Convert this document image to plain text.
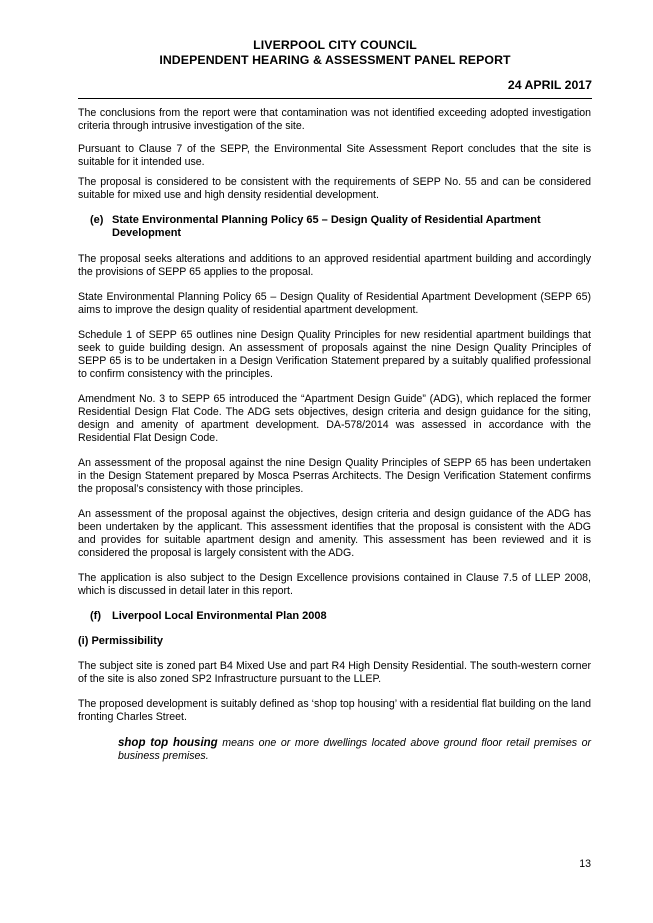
LIVERPOOL CITY COUNCIL
INDEPENDENT HEARING & ASSESSMENT PANEL REPORT
24 APRIL 2017

The conclusions from the report were that contamination was not identified exceeding adopted investigation criteria through intrusive investigation of the site.

Pursuant to Clause 7 of the SEPP, the Environmental Site Assessment Report concludes that the site is suitable for it intended use.

The proposal is considered to be consistent with the requirements of SEPP No. 55 and can be considered suitable for mixed use and high density residential development.

(e) State Environmental Planning Policy 65 – Design Quality of Residential Apartment Development

The proposal seeks alterations and additions to an approved residential apartment building and accordingly the provisions of SEPP 65 applies to the proposal.

State Environmental Planning Policy 65 – Design Quality of Residential Apartment Development (SEPP 65) aims to improve the design quality of residential apartment development.

Schedule 1 of SEPP 65 outlines nine Design Quality Principles for new residential apartment buildings that seek to guide building design. An assessment of proposals against the nine Design Quality Principles of SEPP 65 is to be undertaken in a Design Verification Statement prepared by a suitably qualified professional to confirm consistency with the principles.

Amendment No. 3 to SEPP 65 introduced the “Apartment Design Guide” (ADG), which replaced the former Residential Design Flat Code. The ADG sets objectives, design criteria and design guidance for the siting, design and amenity of apartment development. DA-578/2014 was assessed in accordance with the Residential Flat Design Code.

An assessment of the proposal against the nine Design Quality Principles of SEPP 65 has been undertaken in the Design Statement prepared by Mosca Pserras Architects. The Design Verification Statement confirms the proposal’s consistency with those principles.

An assessment of the proposal against the objectives, design criteria and design guidance of the ADG has been undertaken by the applicant. This assessment identifies that the proposal is consistent with the ADG and provides for suitable apartment design and amenity. This assessment has been reviewed and it is considered the proposal is largely consistent with the ADG.

The application is also subject to the Design Excellence provisions contained in Clause 7.5 of LLEP 2008, which is discussed in detail later in this report.

(f) Liverpool Local Environmental Plan 2008
(i) Permissibility

The subject site is zoned part B4 Mixed Use and part R4 High Density Residential. The south-western corner of the site is also zoned SP2 Infrastructure pursuant to the LLEP.

The proposed development is suitably defined as ‘shop top housing’ with a residential flat building on the land fronting Charles Street.

shop top housing means one or more dwellings located above ground floor retail premises or business premises.

13
